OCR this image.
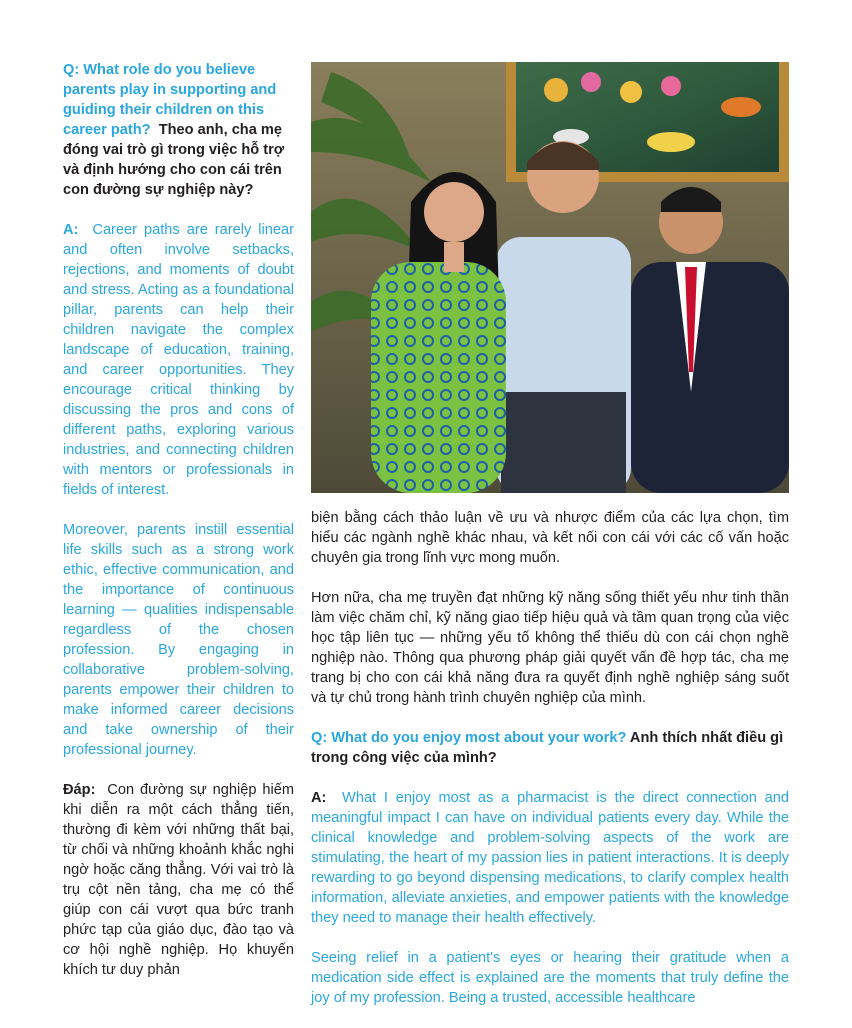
Q: What role do you believe parents play in supporting and guiding their children on this career path? Theo anh, cha mẹ đóng vai trò gì trong việc hỗ trợ và định hướng cho con cái trên con đường sự nghiệp này?

A: Career paths are rarely linear and often involve setbacks, rejections, and moments of doubt and stress. Acting as a foundational pillar, parents can help their children navigate the complex landscape of education, training, and career opportunities. They encourage critical thinking by discussing the pros and cons of different paths, exploring various industries, and connecting children with mentors or professionals in fields of interest.

Moreover, parents instill essential life skills such as a strong work ethic, effective communication, and the importance of continuous learning — qualities indispensable regardless of the chosen profession. By engaging in collaborative problem-solving, parents empower their children to make informed career decisions and take ownership of their professional journey.

Đáp: Con đường sự nghiệp hiếm khi diễn ra một cách thẳng tiến, thường đi kèm với những thất bại, từ chối và những khoảnh khắc nghi ngờ hoặc căng thẳng. Với vai trò là trụ cột nền tảng, cha mẹ có thể giúp con cái vượt qua bức tranh phức tạp của giáo dục, đào tạo và cơ hội nghề nghiệp. Họ khuyến khích tư duy phản

biện bằng cách thảo luận về ưu và nhược điểm của các lựa chọn, tìm hiểu các ngành nghề khác nhau, và kết nối con cái với các cố vấn hoặc chuyên gia trong lĩnh vực mong muốn.

Hơn nữa, cha mẹ truyền đạt những kỹ năng sống thiết yếu như tinh thần làm việc chăm chỉ, kỹ năng giao tiếp hiệu quả và tầm quan trọng của việc học tập liên tục — những yếu tố không thể thiếu dù con cái chọn nghề nghiệp nào. Thông qua phương pháp giải quyết vấn đề hợp tác, cha mẹ trang bị cho con cái khả năng đưa ra quyết định nghề nghiệp sáng suốt và tự chủ trong hành trình chuyên nghiệp của mình.

Q: What do you enjoy most about your work? Anh thích nhất điều gì trong công việc của mình?

A: What I enjoy most as a pharmacist is the direct connection and meaningful impact I can have on individual patients every day. While the clinical knowledge and problem-solving aspects of the work are stimulating, the heart of my passion lies in patient interactions. It is deeply rewarding to go beyond dispensing medications, to clarify complex health information, alleviate anxieties, and empower patients with the knowledge they need to manage their health effectively.

Seeing relief in a patient's eyes or hearing their gratitude when a medication side effect is explained are the moments that truly define the joy of my profession. Being a trusted, accessible healthcare
